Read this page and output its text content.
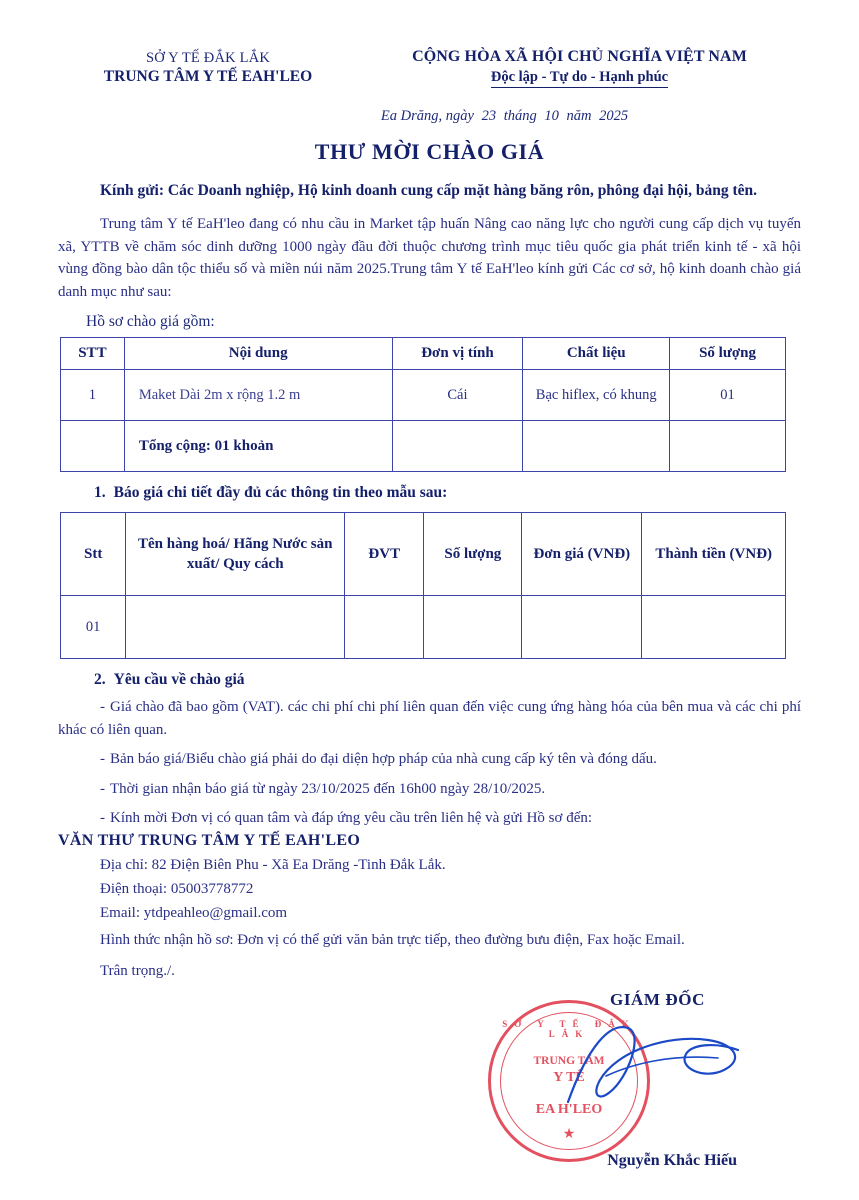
SỞ Y TẾ ĐẮK LẮK
TRUNG TÂM Y TẾ EAH'LEO
CỘNG HÒA XÃ HỘI CHỦ NGHĨA VIỆT NAM
Độc lập - Tự do - Hạnh phúc
Ea Drăng, ngày 23 tháng 10 năm 2025
THƯ MỜI CHÀO GIÁ
Kính gửi: Các Doanh nghiệp, Hộ kinh doanh cung cấp mặt hàng băng rôn, phông đại hội, bảng tên.
Trung tâm Y tế EaH'leo đang có nhu cầu in Market tập huấn Nâng cao năng lực cho người cung cấp dịch vụ tuyến xã, YTTB về chăm sóc dinh dưỡng 1000 ngày đầu đời thuộc chương trình mục tiêu quốc gia phát triển kinh tế - xã hội vùng đồng bào dân tộc thiểu số và miền núi năm 2025.Trung tâm Y tế EaH'leo kính gửi Các cơ sở, hộ kinh doanh chào giá danh mục như sau:
Hồ sơ chào giá gồm:
STT	Nội dung	Đơn vị tính	Chất liệu	Số lượng
1	Maket Dài 2m x rộng 1.2 m	Cái	Bạc hiflex, có khung	01
	Tổng cộng: 01 khoản			
1. Báo giá chi tiết đầy đủ các thông tin theo mẫu sau:
Stt	Tên hàng hoá/ Hãng Nước sản xuất/ Quy cách	ĐVT	Số lượng	Đơn giá (VNĐ)	Thành tiền (VNĐ)
01					
2. Yêu cầu về chào giá
- Giá chào đã bao gồm (VAT). các chi phí chi phí liên quan đến việc cung ứng hàng hóa của bên mua và các chi phí khác có liên quan.
- Bản báo giá/Biểu chào giá phải do đại diện hợp pháp của nhà cung cấp ký tên và đóng dấu.
- Thời gian nhận báo giá từ ngày 23/10/2025 đến 16h00 ngày 28/10/2025.
- Kính mời Đơn vị có quan tâm và đáp ứng yêu cầu trên liên hệ và gửi Hồ sơ đến:
VĂN THƯ TRUNG TÂM Y TẾ EAH'LEO
Địa chỉ: 82 Điện Biên Phu - Xã Ea Drăng -Tinh Đắk Lắk.
Điện thoại: 05003778772
Email: ytdpeahleo@gmail.com
Hình thức nhận hồ sơ: Đơn vị có thể gửi văn bản trực tiếp, theo đường bưu điện, Fax hoặc Email.
Trân trọng./.
GIÁM ĐỐC
SỞ Y TẾ ĐẮK LẮK
TRUNG TÂM
Y TẾ
EA H'LEO
★
Nguyễn Khắc Hiếu
